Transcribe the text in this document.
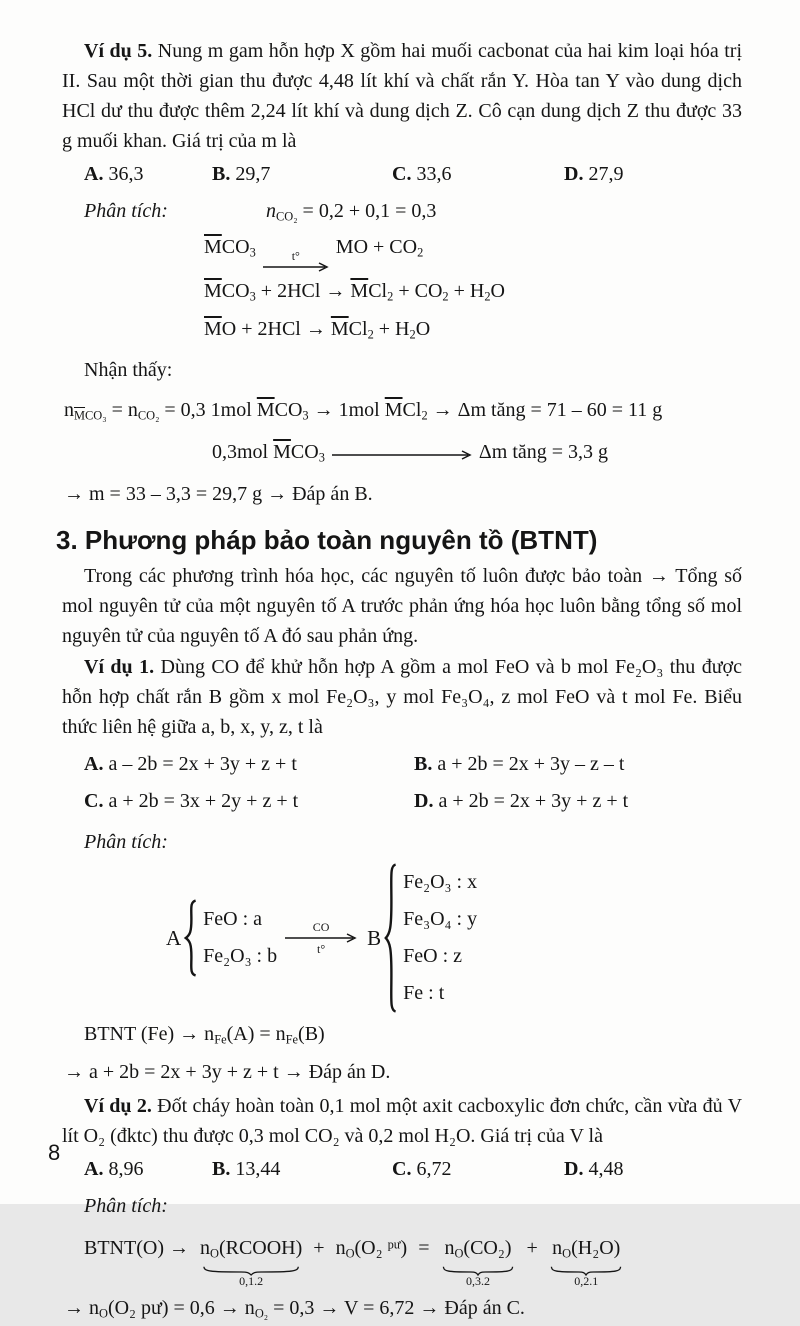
Ví dụ 5. Nung m gam hỗn hợp X gồm hai muối cacbonat của hai kim loại hóa trị II. Sau một thời gian thu được 4,48 lít khí và chất rắn Y. Hòa tan Y vào dung dịch HCl dư thu được thêm 2,24 lít khí và dung dịch Z. Cô cạn dung dịch Z thu được 33 g muối khan. Giá trị của m là

A. 36,3	B. 29,7	C. 33,6	D. 27,9
Phân tích:	$n_{CO_2} = 0,2 + 0,1 = 0,3$
$\overline{M}CO_3$	t° MO + $CO_2$
$\overline{M}CO_3 + 2HCl \to \overline{M}Cl_2 + CO_2 + H_2O$
$\overline{M}O + 2HCl \to \overline{M}Cl_2 + H_2O$
Nhận thấy:
$n_{\overline{M}CO_3} = n_{CO_2} = 0,3$ 1mol $\overline{M}CO_3 \to 1mol$ $\overline{M}Cl_2 \to \Delta m$ tăng = 71 – 60 = 11 g
0,3mol $\overline{M}CO_3$	Δm tăng = 3,3 g
→ m = 33 – 3,3 = 29,7 g → Đáp án B.
3. Phương pháp bảo toàn nguyên tồ (BTNT)

Trong các phương trình hóa học, các nguyên tố luôn được bảo toàn → Tổng số mol nguyên tử của một nguyên tố A trước phản ứng hóa học luôn bằng tổng số mol nguyên tử của nguyên tố A đó sau phản ứng.

Ví dụ 1. Dùng CO để khử hỗn hợp A gồm a mol FeO và b mol Fe₂O₃ thu được hỗn hợp chất rắn B gồm x mol Fe₂O₃, y mol Fe₃O₄, z mol FeO và t mol Fe. Biểu thức liên hệ giữa a, b, x, y, z, t là

A. a – 2b = 2x + 3y + z + t	B. a + 2b = 2x + 3y – z – t
C. a + 2b = 3x + 2y + z + t	D. a + 2b = 2x + 3y + z + t
Phân tích:
A
FeO : a
Fe₂O₃ : b
CO
t° B
Fe₂O₃ : x
Fe₃O₄ : y
FeO : z
Fe : t
BTNT $(Fe) \to n_{Fe}(A) = n_{Fe}(B)$
→ a + 2b = 2x + 3y + z + t → Đáp án D.

Ví dụ 2. Đốt cháy hoàn toàn 0,1 mol một axit cacboxylic đơn chức, cần vừa đủ V lít O₂ (đktc) thu được 0,3 mol CO₂ và 0,2 mol H₂O. Giá trị của V là

A. 8,96	B. 13,44	C. 6,72	D. 4,48
Phân tích:
BTNT(O) → $n_O(RCOOH)$
0,1.2
+ $n_O(O_2$ $^{pư}) = n_O(CO_2)$
0,3.2
+ $n_O(H_2O)$
0,2.1
→ $n_O(O_2$ pư) = $0,6 \to n_{O_2} = 0,3 \to V = 6,72$ → Đáp án C.
8
